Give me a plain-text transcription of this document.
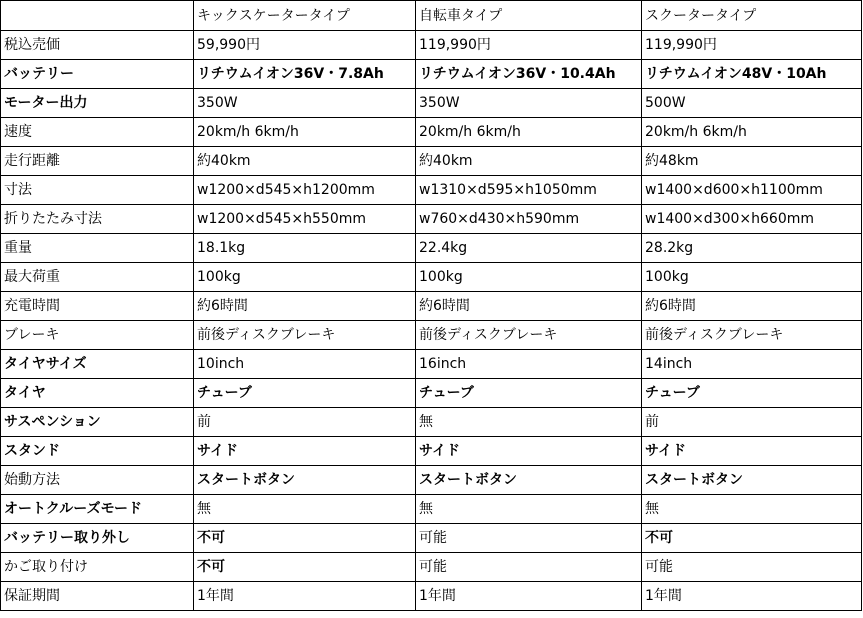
	キックスケータータイプ	自転車タイプ	スクータータイプ
税込売価	59,990円	119,990円	119,990円
バッテリー	リチウムイオン36V・7.8Ah	リチウムイオン36V・10.4Ah	リチウムイオン48V・10Ah
モーター出力	350W	350W	500W
速度	20km/h 6km/h	20km/h 6km/h	20km/h 6km/h
走行距離	約40km	約40km	約48km
寸法	w1200×d545×h1200mm	w1310×d595×h1050mm	w1400×d600×h1100mm
折りたたみ寸法	w1200×d545×h550mm	w760×d430×h590mm	w1400×d300×h660mm
重量	18.1kg	22.4kg	28.2kg
最大荷重	100kg	100kg	100kg
充電時間	約6時間	約6時間	約6時間
ブレーキ	前後ディスクブレーキ	前後ディスクブレーキ	前後ディスクブレーキ
タイヤサイズ	10inch	16inch	14inch
タイヤ	チューブ	チューブ	チューブ
サスペンション	前	無	前
スタンド	サイド	サイド	サイド
始動方法	スタートボタン	スタートボタン	スタートボタン
オートクルーズモード	無	無	無
バッテリー取り外し	不可	可能	不可
かご取り付け	不可	可能	可能
保証期間	1年間	1年間	1年間
